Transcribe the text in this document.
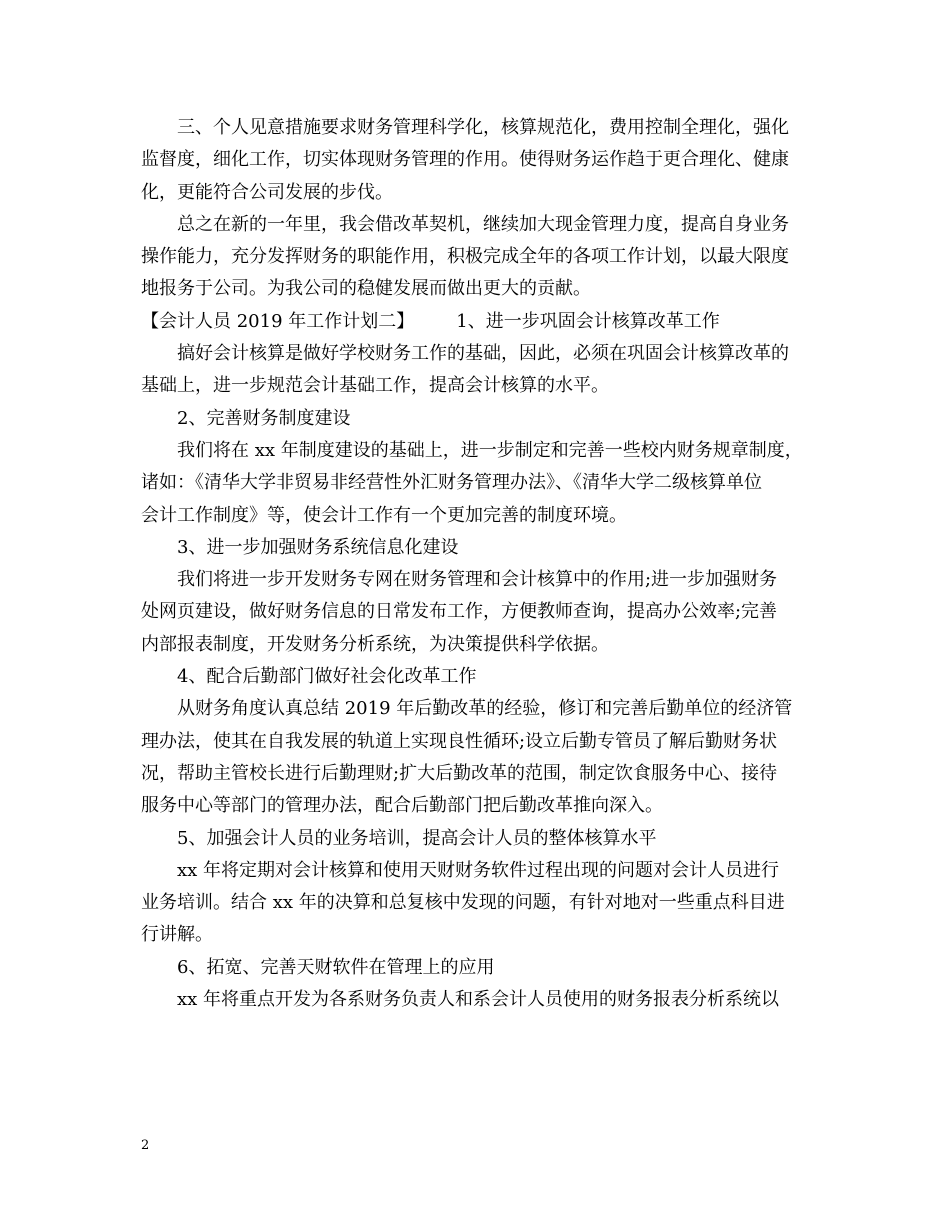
三、个人见意措施要求财务管理科学化，核算规范化，费用控制全理化，强化
监督度，细化工作，切实体现财务管理的作用。使得财务运作趋于更合理化、健康
化，更能符合公司发展的步伐。
总之在新的一年里，我会借改革契机，继续加大现金管理力度，提高自身业务
操作能力，充分发挥财务的职能作用，积极完成全年的各项工作计划，以最大限度
地报务于公司。为我公司的稳健发展而做出更大的贡献。
【会计人员 2019 年工作计划二】 1、进一步巩固会计核算改革工作
搞好会计核算是做好学校财务工作的基础，因此，必须在巩固会计核算改革的
基础上，进一步规范会计基础工作，提高会计核算的水平。
2、完善财务制度建设
我们将在 xx 年制度建设的基础上，进一步制定和完善一些校内财务规章制度，
诸如：《清华大学非贸易非经营性外汇财务管理办法》、《清华大学二级核算单位
会计工作制度》等，使会计工作有一个更加完善的制度环境。
3、进一步加强财务系统信息化建设
我们将进一步开发财务专网在财务管理和会计核算中的作用;进一步加强财务
处网页建设，做好财务信息的日常发布工作，方便教师查询，提高办公效率;完善
内部报表制度，开发财务分析系统，为决策提供科学依据。
4、配合后勤部门做好社会化改革工作
从财务角度认真总结 2019 年后勤改革的经验，修订和完善后勤单位的经济管
理办法，使其在自我发展的轨道上实现良性循环;设立后勤专管员了解后勤财务状
况，帮助主管校长进行后勤理财;扩大后勤改革的范围，制定饮食服务中心、接待
服务中心等部门的管理办法，配合后勤部门把后勤改革推向深入。
5、加强会计人员的业务培训，提高会计人员的整体核算水平
xx 年将定期对会计核算和使用天财财务软件过程出现的问题对会计人员进行
业务培训。结合 xx 年的决算和总复核中发现的问题，有针对地对一些重点科目进
行讲解。
6、拓宽、完善天财软件在管理上的应用
xx 年将重点开发为各系财务负责人和系会计人员使用的财务报表分析系统以
2
